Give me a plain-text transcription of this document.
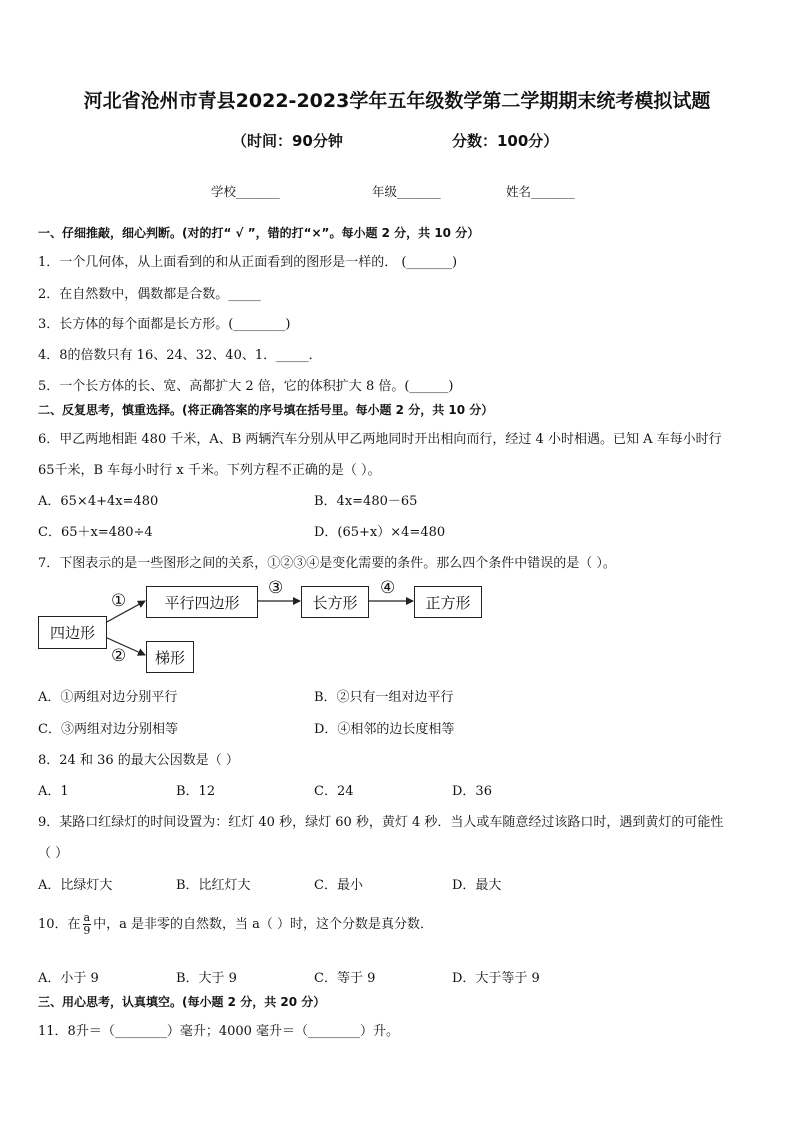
河北省沧州市青县2022-2023学年五年级数学第二学期期末统考模拟试题
（时间：90分钟	分数：100分）
学校_______	年级_______	姓名_______
一、仔细推敲，细心判断。(对的打“ √ ”，错的打“×”。每小题 2 分，共 10 分）
1．一个几何体，从上面看到的和从正面看到的图形是一样的． (_______)
2．在自然数中，偶数都是合数。_____
3．长方体的每个面都是长方形。(________)
4．8的倍数只有 16、24、32、40、1．_____．
5．一个长方体的长、宽、高都扩大 2 倍，它的体积扩大 8 倍。(______)
二、反复思考，慎重选择。(将正确答案的序号填在括号里。每小题 2 分，共 10 分）
6．甲乙两地相距 480 千米，A、B 两辆汽车分别从甲乙两地同时开出相向而行，经过 4 小时相遇。已知 A 车每小时行
65千米，B 车每小时行 x 千米。下列方程不正确的是（ ）。
A．65×4+4x=480	B．4x=480－65
C．65＋x=480÷4	D．(65+x）×4=480
7．下图表示的是一些图形之间的关系，①②③④是变化需要的条件。那么四个条件中错误的是（ ）。
四边形
平行四边形	长方形	正方形
梯形
①
②
③	④
A．①两组对边分别平行	B．②只有一组对边平行
C．③两组对边分别相等	D．④相邻的边长度相等
8．24 和 36 的最大公因数是（ ）
A．1	B．12	C．24	D．36
9．某路口红绿灯的时间设置为：红灯 40 秒，绿灯 60 秒，黄灯 4 秒．当人或车随意经过该路口时，遇到黄灯的可能性
（ ）
A．比绿灯大	B．比红灯大	C．最小	D．最大
10．在 $\frac{a}{9}$ 中，a 是非零的自然数，当 a（ ）时，这个分数是真分数．
A．小于 9	B．大于 9	C．等于 9	D．大于等于 9
三、用心思考，认真填空。(每小题 2 分，共 20 分）
11．8升＝（________）毫升；4000 毫升＝（________）升。
